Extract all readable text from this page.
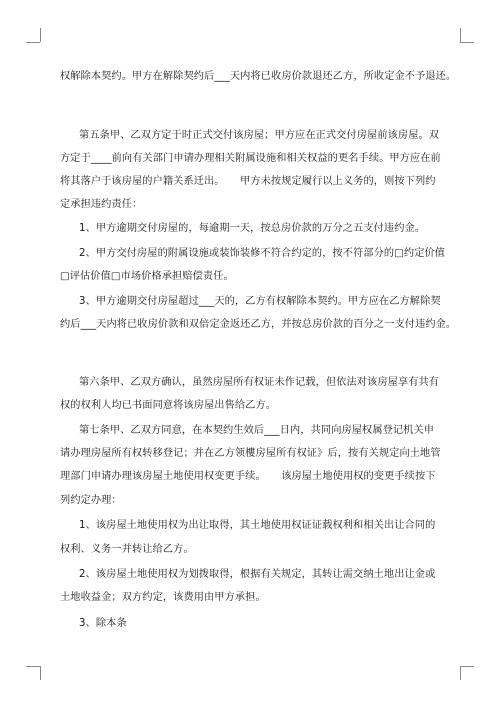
权解除本契约。甲方在解除契约后___天内将已收房价款退还乙方，所收定金不予退还。
第五条甲、乙双方定于时正式交付该房屋；甲方应在正式交付房屋前该房屋。双
方定于____前向有关部门申请办理相关附属设施和相关权益的更名手续。甲方应在前
将其落户于该房屋的户籍关系迁出。　　甲方未按规定履行以上义务的，则按下列约
定承担违约责任：
1、甲方逾期交付房屋的，每逾期一天，按总房价款的万分之五支付违约金。
2、甲方交付房屋的附属设施或装饰装修不符合约定的，按不符部分的□约定价值
□评估价值□市场价格承担赔偿责任。
3、甲方逾期交付房屋超过___天的，乙方有权解除本契约。甲方应在乙方解除契
约后___天内将已收房价款和双倍定金返还乙方，并按总房价款的百分之一支付违约金。
第六条甲、乙双方确认，虽然房屋所有权证未作记载，但依法对该房屋享有共有
权的权利人均已书面同意将该房屋出售给乙方。
第七条甲、乙双方同意，在本契约生效后___日内，共同向房屋权属登记机关申
请办理房屋所有权转移登记；并在乙方领樓房屋所有权证》后，按有关规定向土地管
理部门申请办理该房屋土地使用权变更手续。　　该房屋土地使用权的变更手续按下
列约定办理：
1、该房屋土地使用权为出让取得，其土地使用权证证载权利和相关出让合同的
权利、义务一并转让给乙方。
2、该房屋土地使用权为划拨取得，根据有关规定，其转让需交纳土地出让金或
土地收益金；双方约定，该费用由甲方承担。
3、除本条
